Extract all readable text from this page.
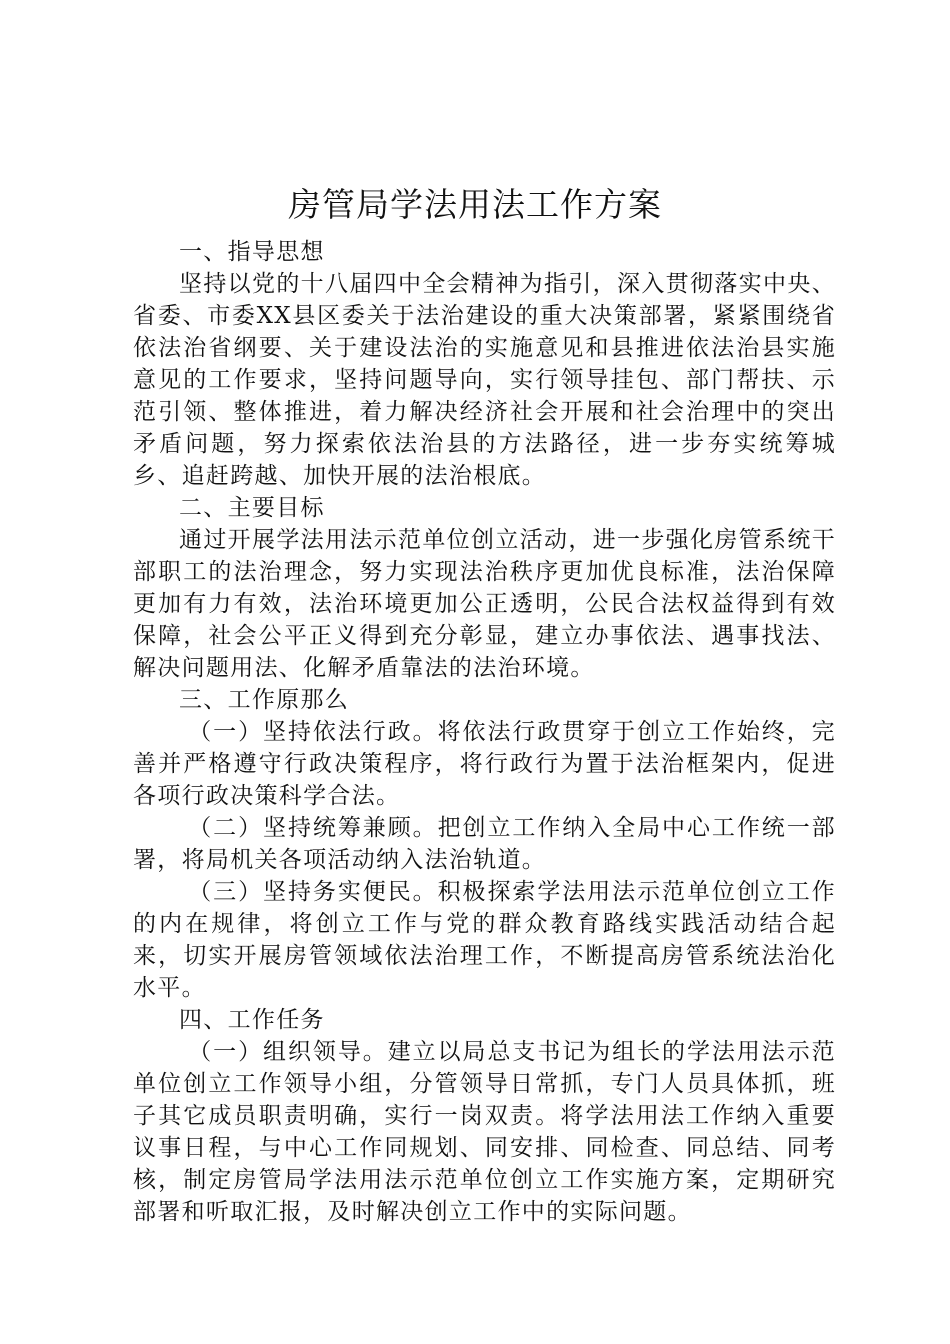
房管局学法用法工作方案

一、指导思想

坚持以党的十八届四中全会精神为指引，深入贯彻落实中央、省委、市委XX县区委关于法治建设的重大决策部署，紧紧围绕省依法治省纲要、关于建设法治的实施意见和县推进依法治县实施意见的工作要求，坚持问题导向，实行领导挂包、部门帮扶、示范引领、整体推进，着力解决经济社会开展和社会治理中的突出矛盾问题，努力探索依法治县的方法路径，进一步夯实统筹城乡、追赶跨越、加快开展的法治根底。

二、主要目标

通过开展学法用法示范单位创立活动，进一步强化房管系统干部职工的法治理念，努力实现法治秩序更加优良标准，法治保障更加有力有效，法治环境更加公正透明，公民合法权益得到有效保障，社会公平正义得到充分彰显，建立办事依法、遇事找法、解决问题用法、化解矛盾靠法的法治环境。

三、工作原那么

（一）坚持依法行政。将依法行政贯穿于创立工作始终，完善并严格遵守行政决策程序，将行政行为置于法治框架内，促进各项行政决策科学合法。

（二）坚持统筹兼顾。把创立工作纳入全局中心工作统一部署，将局机关各项活动纳入法治轨道。

（三）坚持务实便民。积极探索学法用法示范单位创立工作的内在规律，将创立工作与党的群众教育路线实践活动结合起来，切实开展房管领域依法治理工作，不断提高房管系统法治化水平。

四、工作任务

（一）组织领导。建立以局总支书记为组长的学法用法示范单位创立工作领导小组，分管领导日常抓，专门人员具体抓，班子其它成员职责明确，实行一岗双责。将学法用法工作纳入重要议事日程，与中心工作同规划、同安排、同检查、同总结、同考核，制定房管局学法用法示范单位创立工作实施方案，定期研究部署和听取汇报，及时解决创立工作中的实际问题。
